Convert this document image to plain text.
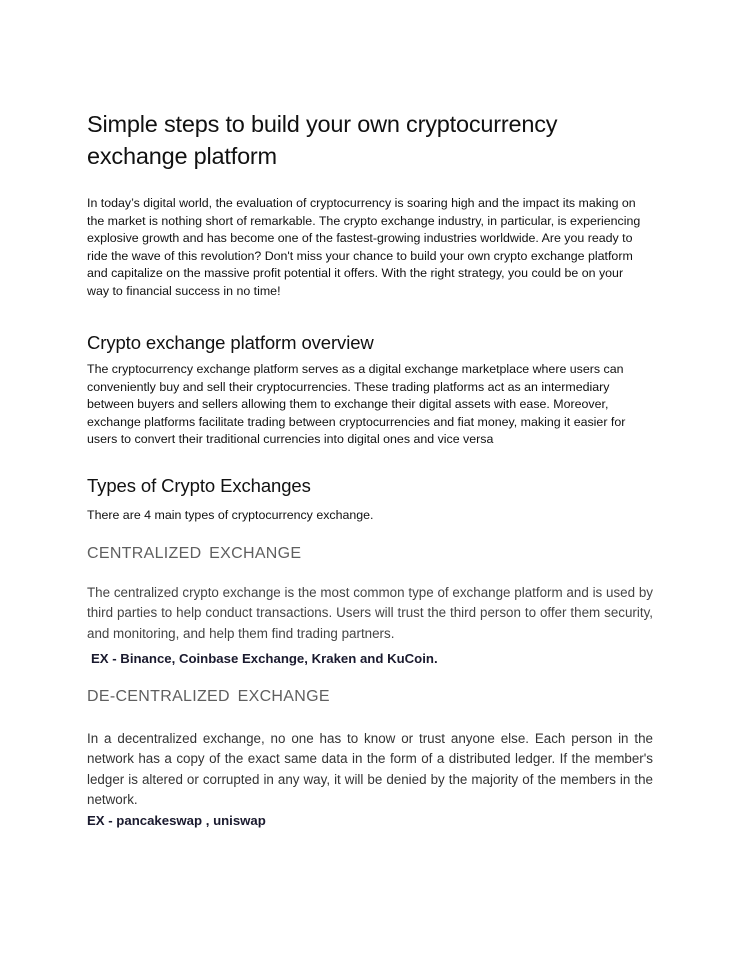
Simple steps to build your own cryptocurrency exchange platform

In today’s digital world, the evaluation of cryptocurrency is soaring high and the impact its making on the market is nothing short of remarkable. The crypto exchange industry, in particular, is experiencing explosive growth and has become one of the fastest-growing industries worldwide. Are you ready to ride the wave of this revolution? Don't miss your chance to build your own crypto exchange platform and capitalize on the massive profit potential it offers. With the right strategy, you could be on your way to financial success in no time!

Crypto exchange platform overview

The cryptocurrency exchange platform serves as a digital exchange marketplace where users can conveniently buy and sell their cryptocurrencies. These trading platforms act as an intermediary between buyers and sellers allowing them to exchange their digital assets with ease. Moreover, exchange platforms facilitate trading between cryptocurrencies and fiat money, making it easier for users to convert their traditional currencies into digital ones and vice versa

Types of Crypto Exchanges

There are 4 main types of cryptocurrency exchange.

CENTRALIZED EXCHANGE

The centralized crypto exchange is the most common type of exchange platform and is used by third parties to help conduct transactions. Users will trust the third person to offer them security, and monitoring, and help them find trading partners.

EX - Binance, Coinbase Exchange, Kraken and KuCoin.

DE-CENTRALIZED EXCHANGE

In a decentralized exchange, no one has to know or trust anyone else. Each person in the network has a copy of the exact same data in the form of a distributed ledger. If the member's ledger is altered or corrupted in any way, it will be denied by the majority of the members in the network.

EX - pancakeswap , uniswap
